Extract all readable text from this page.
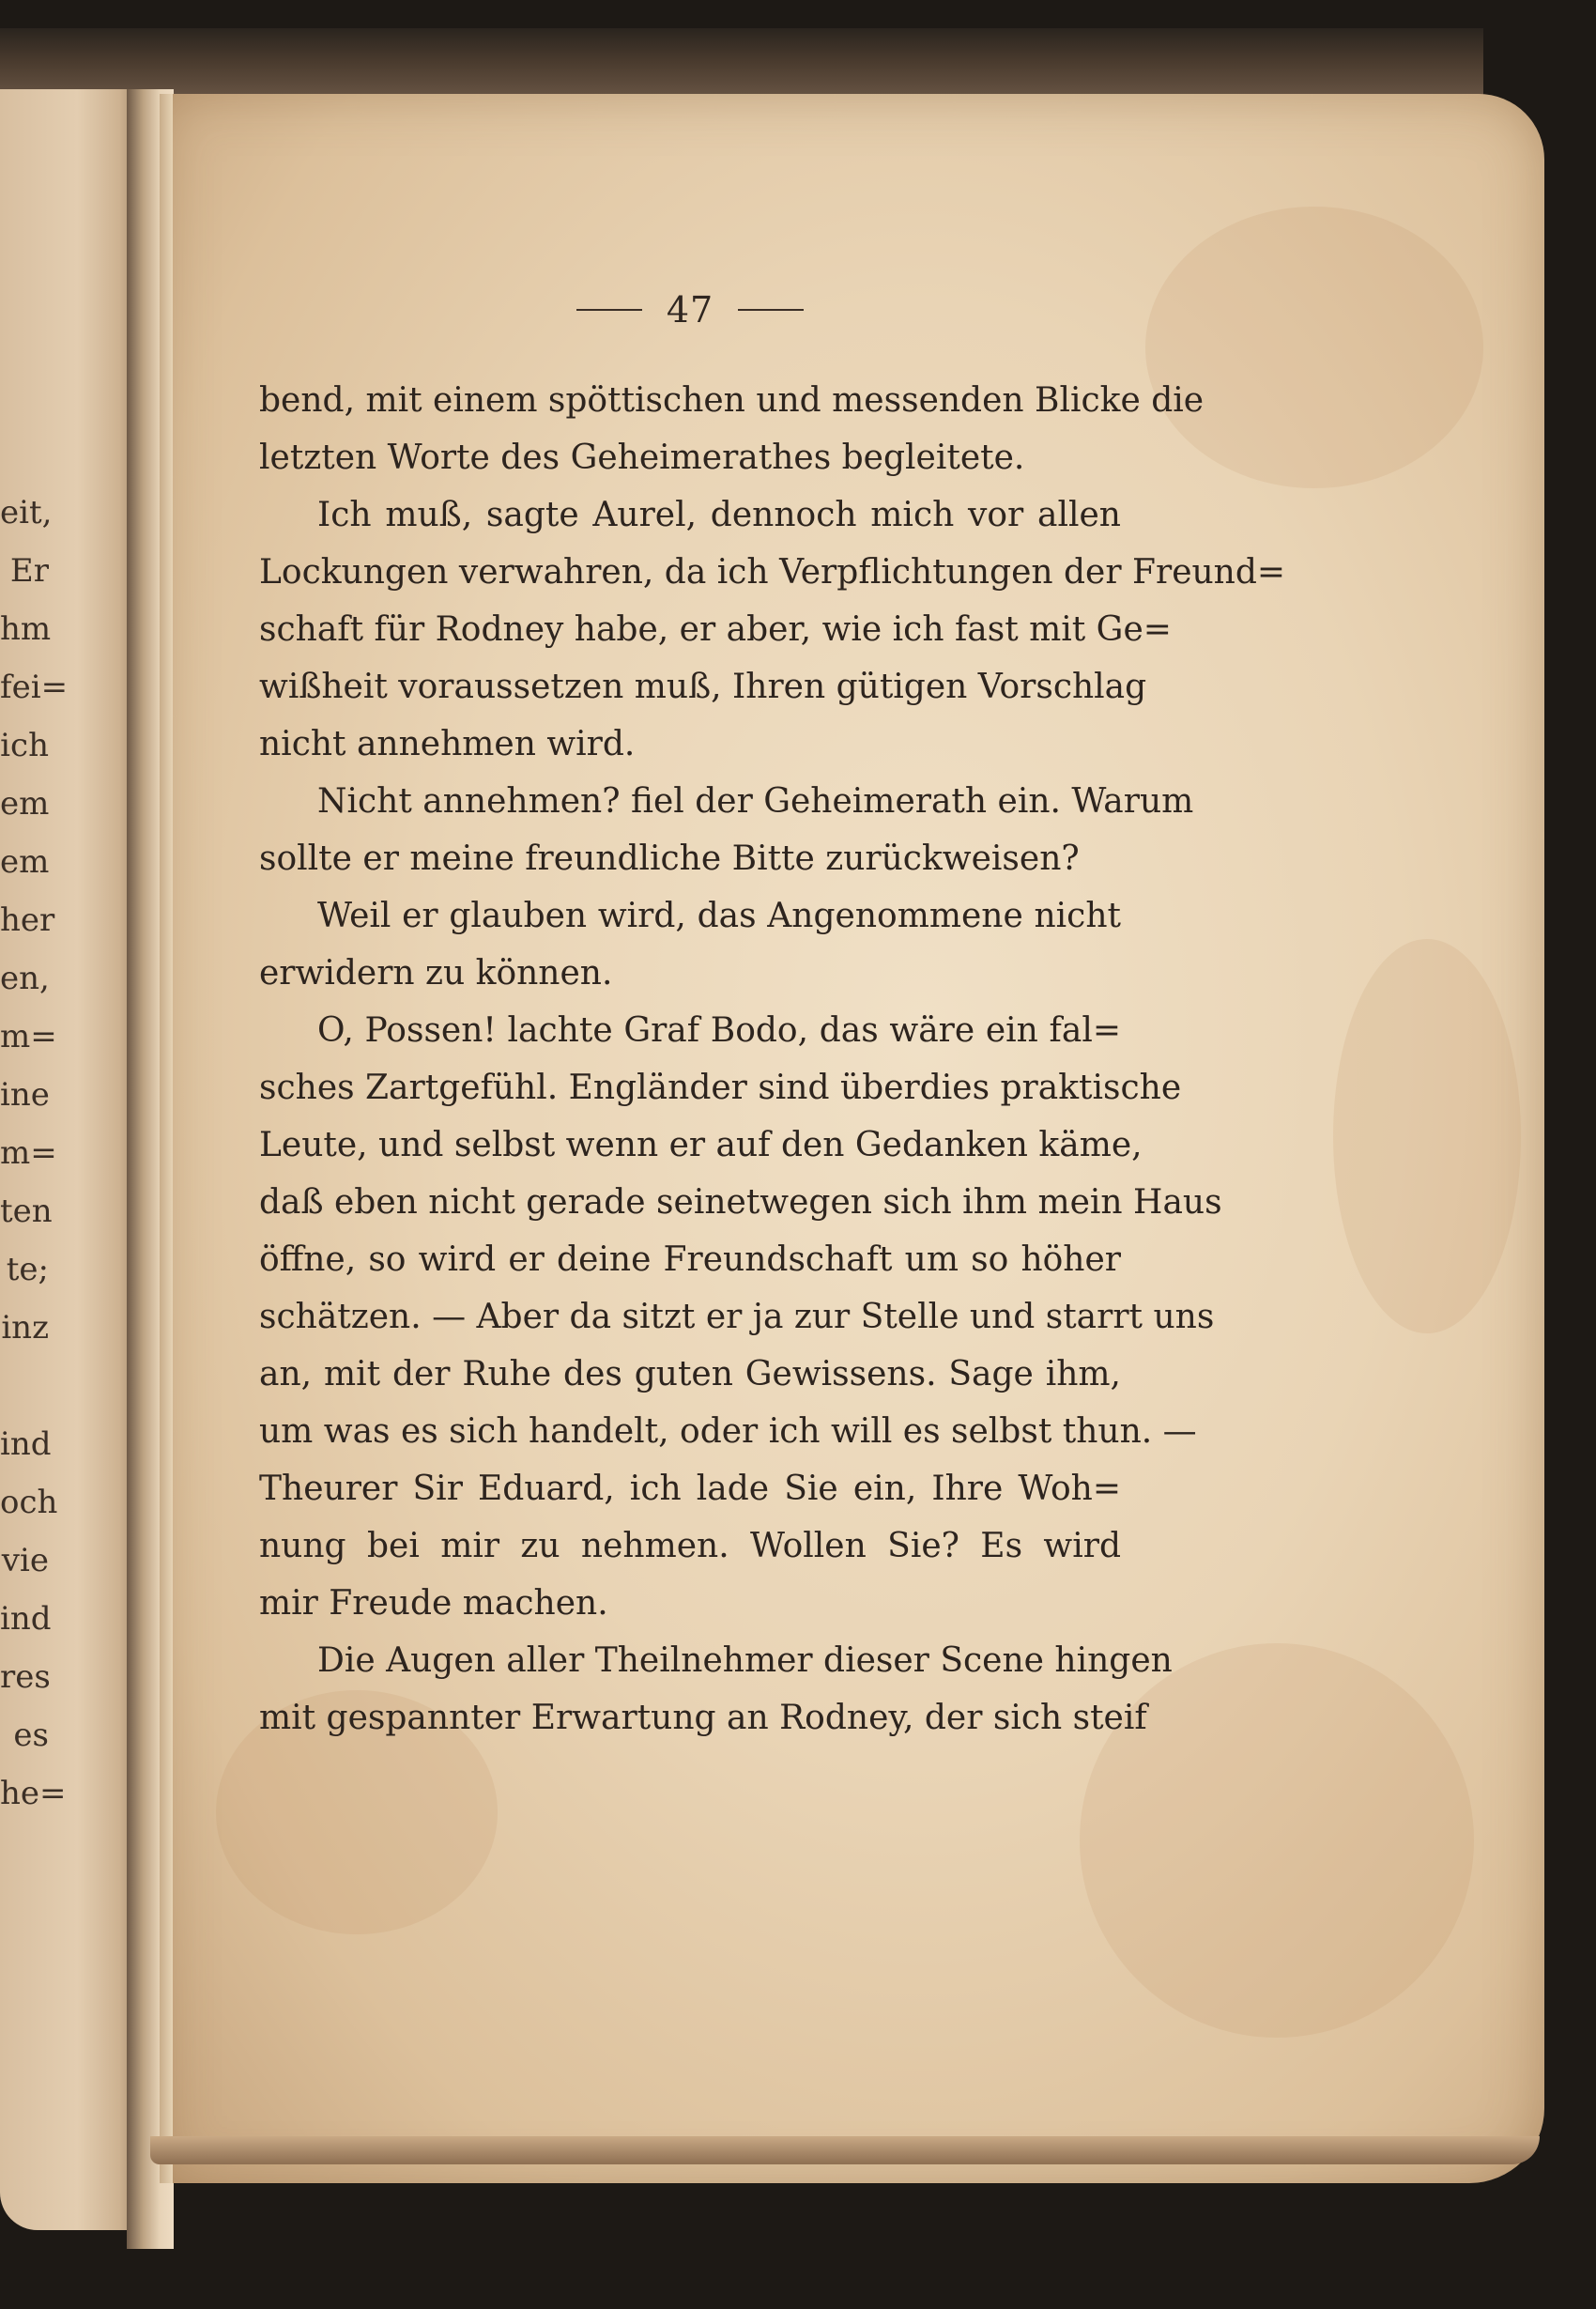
eit,
Er
hm
fei=
ich
em
em
her
en,
m=
ine
m=
ten
te;
inz
ind
och
vie
ind
res
es
he=
47
bend, mit einem spöttischen und messenden Blicke die
letzten Worte des Geheimerathes begleitete.
Ich muß, sagte Aurel, dennoch mich vor allen
Lockungen verwahren, da ich Verpflichtungen der Freund=
schaft für Rodney habe, er aber, wie ich fast mit Ge=
wißheit voraussetzen muß, Ihren gütigen Vorschlag
nicht annehmen wird.
Nicht annehmen? fiel der Geheimerath ein. Warum
sollte er meine freundliche Bitte zurückweisen?
Weil er glauben wird, das Angenommene nicht
erwidern zu können.
O, Possen! lachte Graf Bodo, das wäre ein fal=
sches Zartgefühl. Engländer sind überdies praktische
Leute, und selbst wenn er auf den Gedanken käme,
daß eben nicht gerade seinetwegen sich ihm mein Haus
öffne, so wird er deine Freundschaft um so höher
schätzen. — Aber da sitzt er ja zur Stelle und starrt uns
an, mit der Ruhe des guten Gewissens. Sage ihm,
um was es sich handelt, oder ich will es selbst thun. —
Theurer Sir Eduard, ich lade Sie ein, Ihre Woh=
nung bei mir zu nehmen. Wollen Sie? Es wird
mir Freude machen.
Die Augen aller Theilnehmer dieser Scene hingen
mit gespannter Erwartung an Rodney, der sich steif
